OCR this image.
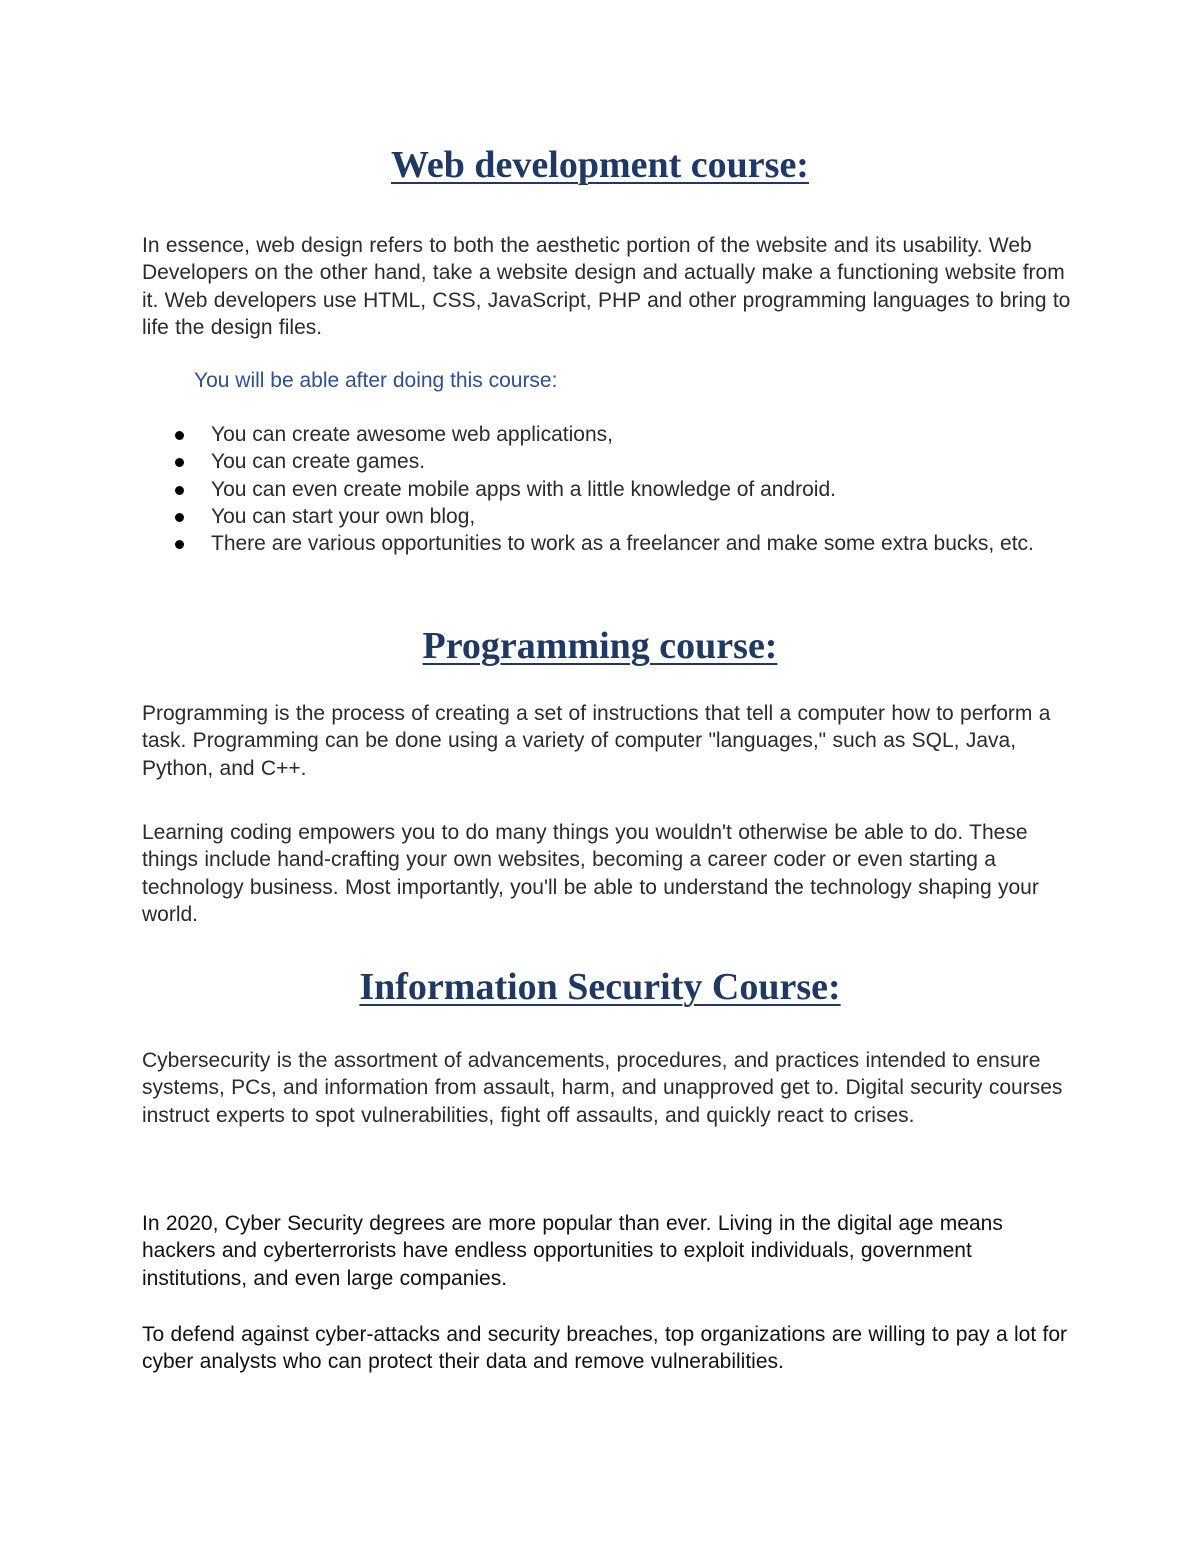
Web development course:

In essence, web design refers to both the aesthetic portion of the website and its usability. Web Developers on the other hand, take a website design and actually make a functioning website from it. Web developers use HTML, CSS, JavaScript, PHP and other programming languages to bring to life the design files.

You will be able after doing this course:

You can create awesome web applications,
You can create games.
You can even create mobile apps with a little knowledge of android.
You can start your own blog,
There are various opportunities to work as a freelancer and make some extra bucks, etc.
Programming course:

Programming is the process of creating a set of instructions that tell a computer how to perform a task. Programming can be done using a variety of computer "languages," such as SQL, Java, Python, and C++.

Learning coding empowers you to do many things you wouldn't otherwise be able to do. These things include hand-crafting your own websites, becoming a career coder or even starting a technology business. Most importantly, you'll be able to understand the technology shaping your world.

Information Security Course:

Cybersecurity is the assortment of advancements, procedures, and practices intended to ensure systems, PCs, and information from assault, harm, and unapproved get to. Digital security courses instruct experts to spot vulnerabilities, fight off assaults, and quickly react to crises.

In 2020, Cyber Security degrees are more popular than ever. Living in the digital age means hackers and cyberterrorists have endless opportunities to exploit individuals, government institutions, and even large companies.

To defend against cyber-attacks and security breaches, top organizations are willing to pay a lot for cyber analysts who can protect their data and remove vulnerabilities.
